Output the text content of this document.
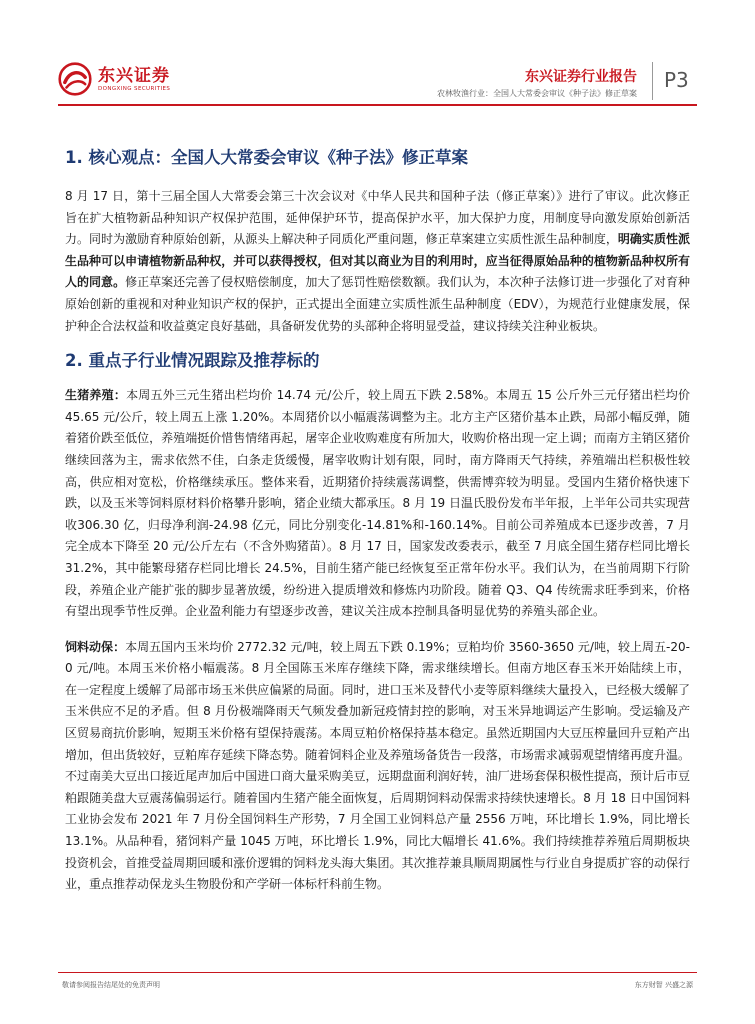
东兴证券
DONGXING SECURITIES
东兴证券行业报告
农林牧渔行业：全国人大常委会审议《种子法》修正草案
P3
1. 核心观点：全国人大常委会审议《种子法》修正草案

8 月 17 日，第十三届全国人大常委会第三十次会议对《中华人民共和国种子法（修正草案）》进行了审议。此次修正旨在扩大植物新品种知识产权保护范围，延伸保护环节，提高保护水平，加大保护力度，用制度导向激发原始创新活力。同时为激励育种原始创新，从源头上解决种子同质化严重问题，修正草案建立实质性派生品种制度，明确实质性派生品种可以申请植物新品种权，并可以获得授权，但对其以商业为目的利用时，应当征得原始品种的植物新品种权所有人的同意。修正草案还完善了侵权赔偿制度，加大了惩罚性赔偿数额。我们认为，本次种子法修订进一步强化了对育种原始创新的重视和对种业知识产权的保护，正式提出全面建立实质性派生品种制度（EDV），为规范行业健康发展，保护种企合法权益和收益奠定良好基础，具备研发优势的头部种企将明显受益，建议持续关注种业板块。

2. 重点子行业情况跟踪及推荐标的

生猪养殖：本周五外三元生猪出栏均价 14.74 元/公斤，较上周五下跌 2.58%。本周五 15 公斤外三元仔猪出栏均价 45.65 元/公斤，较上周五上涨 1.20%。本周猪价以小幅震荡调整为主。北方主产区猪价基本止跌，局部小幅反弹，随着猪价跌至低位，养殖端挺价惜售情绪再起，屠宰企业收购难度有所加大，收购价格出现一定上调；而南方主销区猪价继续回落为主，需求依然不佳，白条走货缓慢，屠宰收购计划有限，同时，南方降雨天气持续，养殖端出栏积极性较高，供应相对宽松，价格继续承压。整体来看，近期猪价持续震荡调整，供需博弈较为明显。受国内生猪价格快速下跌，以及玉米等饲料原材料价格攀升影响，猪企业绩大都承压。8 月 19 日温氏股份发布半年报，上半年公司共实现营收306.30 亿，归母净利润-24.98 亿元，同比分别变化-14.81%和-160.14%。目前公司养殖成本已逐步改善，7 月完全成本下降至 20 元/公斤左右（不含外购猪苗）。8 月 17 日，国家发改委表示，截至 7 月底全国生猪存栏同比增长 31.2%，其中能繁母猪存栏同比增长 24.5%，目前生猪产能已经恢复至正常年份水平。我们认为，在当前周期下行阶段，养殖企业产能扩张的脚步显著放缓，纷纷进入提质增效和修炼内功阶段。随着 Q3、Q4 传统需求旺季到来，价格有望出现季节性反弹。企业盈利能力有望逐步改善，建议关注成本控制具备明显优势的养殖头部企业。

饲料动保：本周五国内玉米均价 2772.32 元/吨，较上周五下跌 0.19%；豆粕均价 3560-3650 元/吨，较上周五-20-0 元/吨。本周玉米价格小幅震荡。8 月全国陈玉米库存继续下降，需求继续增长。但南方地区春玉米开始陆续上市，在一定程度上缓解了局部市场玉米供应偏紧的局面。同时，进口玉米及替代小麦等原料继续大量投入，已经极大缓解了玉米供应不足的矛盾。但 8 月份极端降雨天气频发叠加新冠疫情封控的影响，对玉米异地调运产生影响。受运输及产区贸易商抗价影响，短期玉米价格有望保持震荡。本周豆粕价格保持基本稳定。虽然近期国内大豆压榨量回升豆粕产出增加，但出货较好，豆粕库存延续下降态势。随着饲料企业及养殖场备货告一段落，市场需求减弱观望情绪再度升温。不过南美大豆出口接近尾声加后中国进口商大量采购美豆，远期盘面利润好转，油厂进场套保积极性提高，预计后市豆粕跟随美盘大豆震荡偏弱运行。随着国内生猪产能全面恢复，后周期饲料动保需求持续快速增长。8 月 18 日中国饲料工业协会发布 2021 年 7 月份全国饲料生产形势，7 月全国工业饲料总产量 2556 万吨，环比增长 1.9%，同比增长 13.1%。从品种看，猪饲料产量 1045 万吨，环比增长 1.9%，同比大幅增长 41.6%。我们持续推荐养殖后周期板块投资机会，首推受益周期回暖和涨价逻辑的饲料龙头海大集团。其次推荐兼具顺周期属性与行业自身提质扩容的动保行业，重点推荐动保龙头生物股份和产学研一体标杆科前生物。

敬请参阅报告结尾处的免责声明	东方财智 兴盛之源
